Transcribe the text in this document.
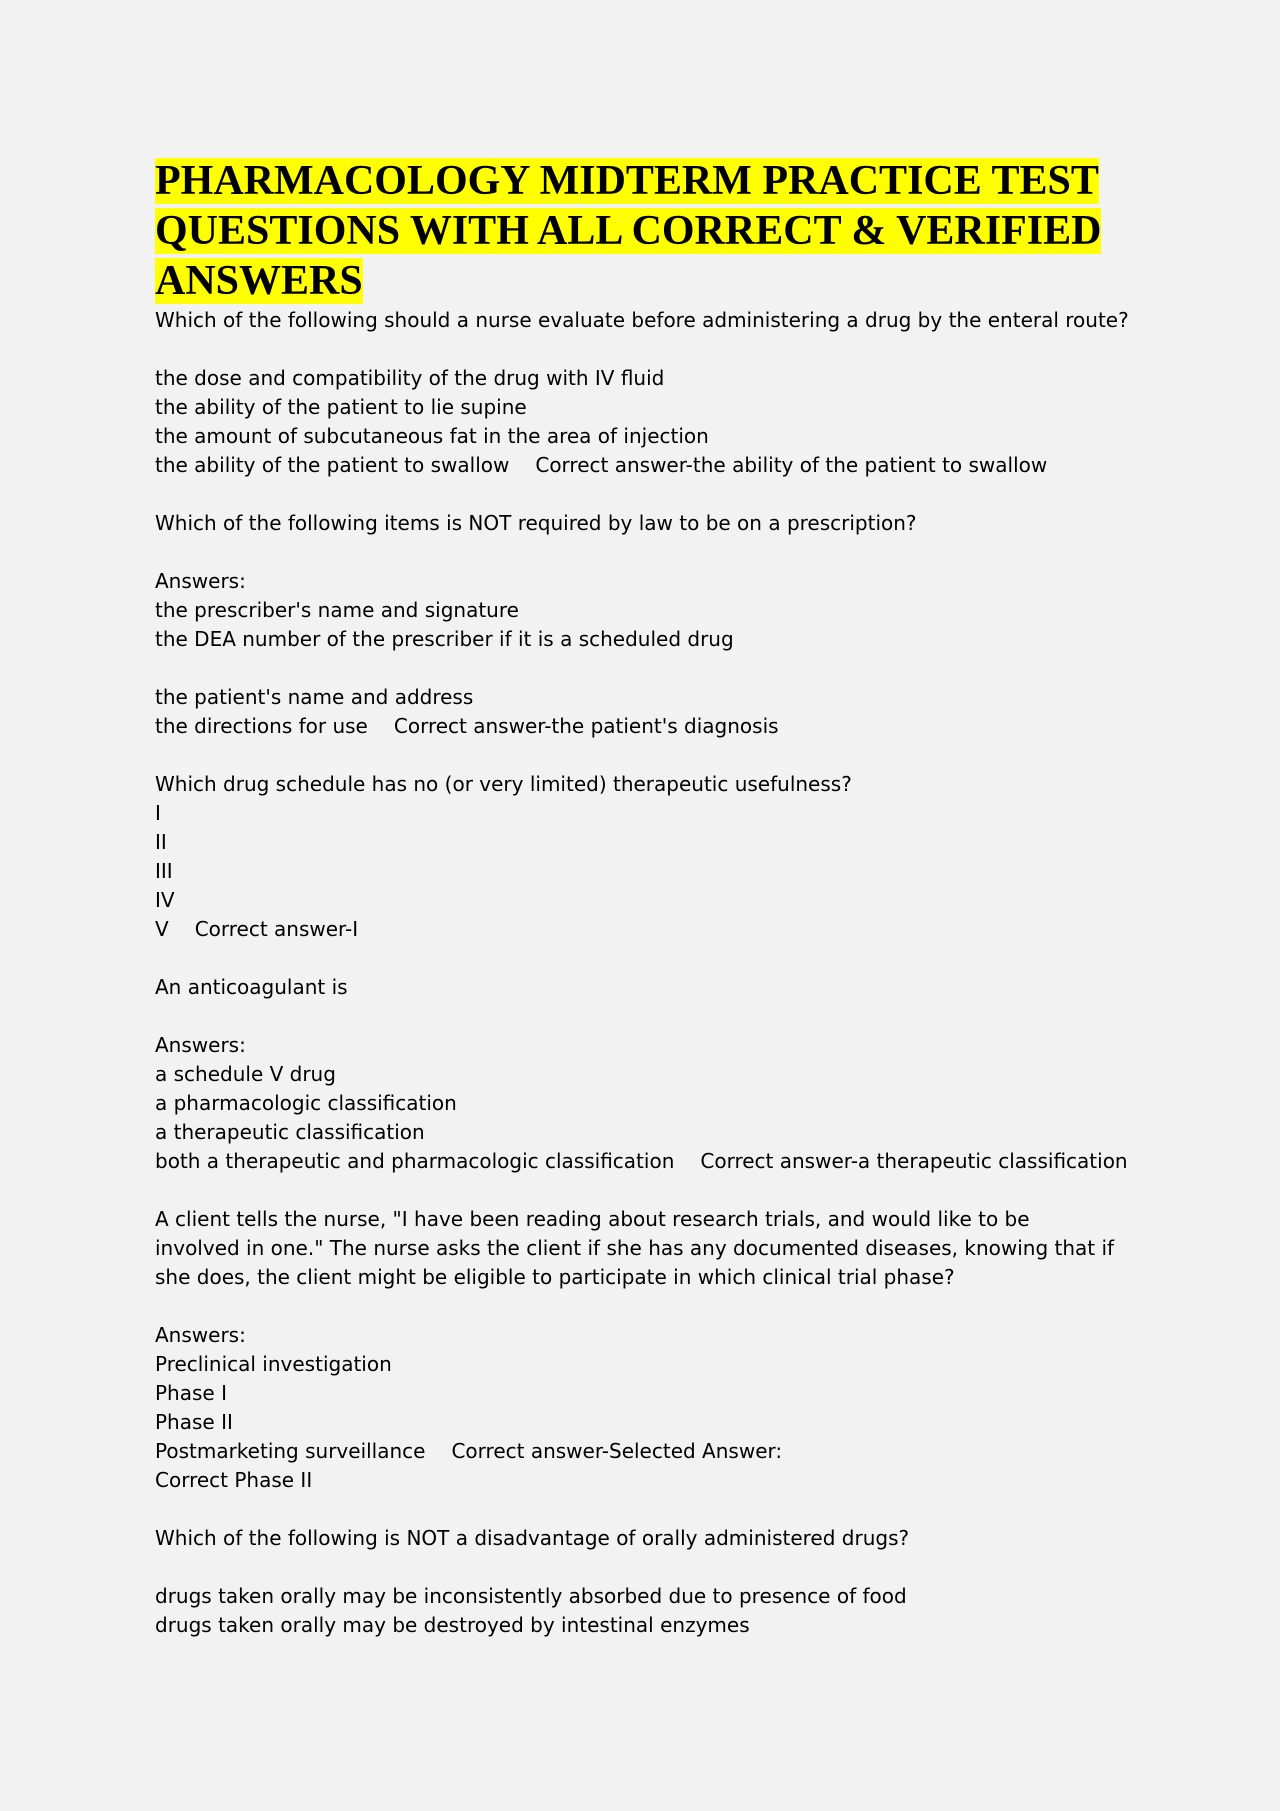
PHARMACOLOGY MIDTERM PRACTICE TEST QUESTIONS WITH ALL CORRECT & VERIFIED ANSWERS
Which of the following should a nurse evaluate before administering a drug by the enteral route?
the dose and compatibility of the drug with IV fluid
the ability of the patient to lie supine
the amount of subcutaneous fat in the area of injection
the ability of the patient to swallow Correct answer-the ability of the patient to swallow
Which of the following items is NOT required by law to be on a prescription?
Answers:
the prescriber's name and signature
the DEA number of the prescriber if it is a scheduled drug
the patient's name and address
the directions for use Correct answer-the patient's diagnosis
Which drug schedule has no (or very limited) therapeutic usefulness?
I
II
III
IV
V Correct answer-I
An anticoagulant is
Answers:
a schedule V drug
a pharmacologic classification
a therapeutic classification
both a therapeutic and pharmacologic classification Correct answer-a therapeutic classification
A client tells the nurse, "I have been reading about research trials, and would like to be involved in one." The nurse asks the client if she has any documented diseases, knowing that if she does, the client might be eligible to participate in which clinical trial phase?
Answers:
Preclinical investigation
Phase I
Phase II
Postmarketing surveillance Correct answer-Selected Answer:
Correct Phase II
Which of the following is NOT a disadvantage of orally administered drugs?
drugs taken orally may be inconsistently absorbed due to presence of food
drugs taken orally may be destroyed by intestinal enzymes
